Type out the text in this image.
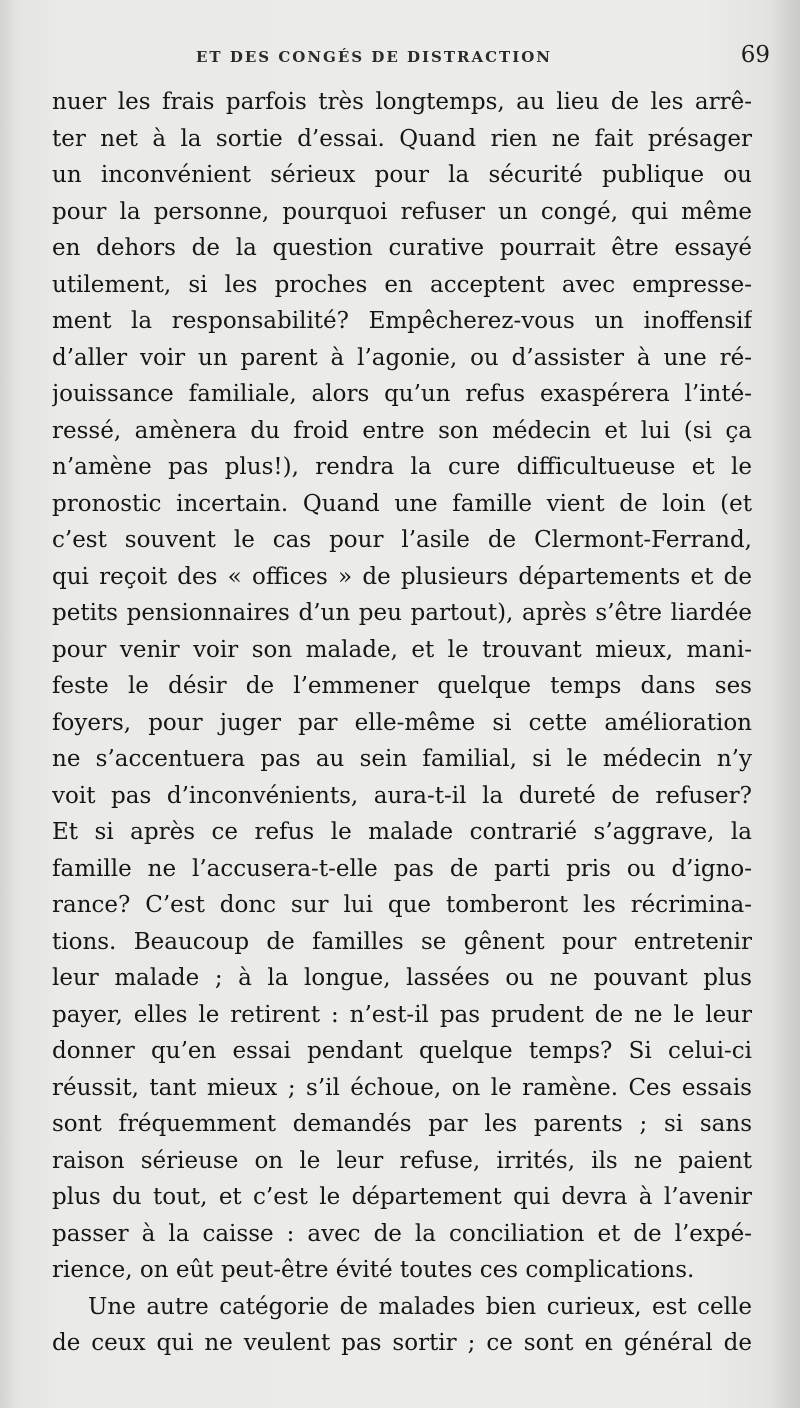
ET DES CONGÉS DE DISTRACTION	69
nuer les frais parfois très longtemps, au lieu de les arrê-
ter net à la sortie d’essai. Quand rien ne fait présager
un inconvénient sérieux pour la sécurité publique ou
pour la personne, pourquoi refuser un congé, qui même
en dehors de la question curative pourrait être essayé
utilement, si les proches en acceptent avec empresse-
ment la responsabilité? Empêcherez-vous un inoffensif
d’aller voir un parent à l’agonie, ou d’assister à une ré-
jouissance familiale, alors qu’un refus exaspérera l’inté-
ressé, amènera du froid entre son médecin et lui (si ça
n’amène pas plus!), rendra la cure difficultueuse et le
pronostic incertain. Quand une famille vient de loin (et
c’est souvent le cas pour l’asile de Clermont-Ferrand,
qui reçoit des « offices » de plusieurs départements et de
petits pensionnaires d’un peu partout), après s’être liardée
pour venir voir son malade, et le trouvant mieux, mani-
feste le désir de l’emmener quelque temps dans ses
foyers, pour juger par elle-même si cette amélioration
ne s’accentuera pas au sein familial, si le médecin n’y
voit pas d’inconvénients, aura-t-il la dureté de refuser?
Et si après ce refus le malade contrarié s’aggrave, la
famille ne l’accusera-t-elle pas de parti pris ou d’igno-
rance? C’est donc sur lui que tomberont les récrimina-
tions. Beaucoup de familles se gênent pour entretenir
leur malade ; à la longue, lassées ou ne pouvant plus
payer, elles le retirent : n’est-il pas prudent de ne le leur
donner qu’en essai pendant quelque temps? Si celui-ci
réussit, tant mieux ; s’il échoue, on le ramène. Ces essais
sont fréquemment demandés par les parents ; si sans
raison sérieuse on le leur refuse, irrités, ils ne paient
plus du tout, et c’est le département qui devra à l’avenir
passer à la caisse : avec de la conciliation et de l’expé-
rience, on eût peut-être évité toutes ces complications.
Une autre catégorie de malades bien curieux, est celle
de ceux qui ne veulent pas sortir ; ce sont en général de
